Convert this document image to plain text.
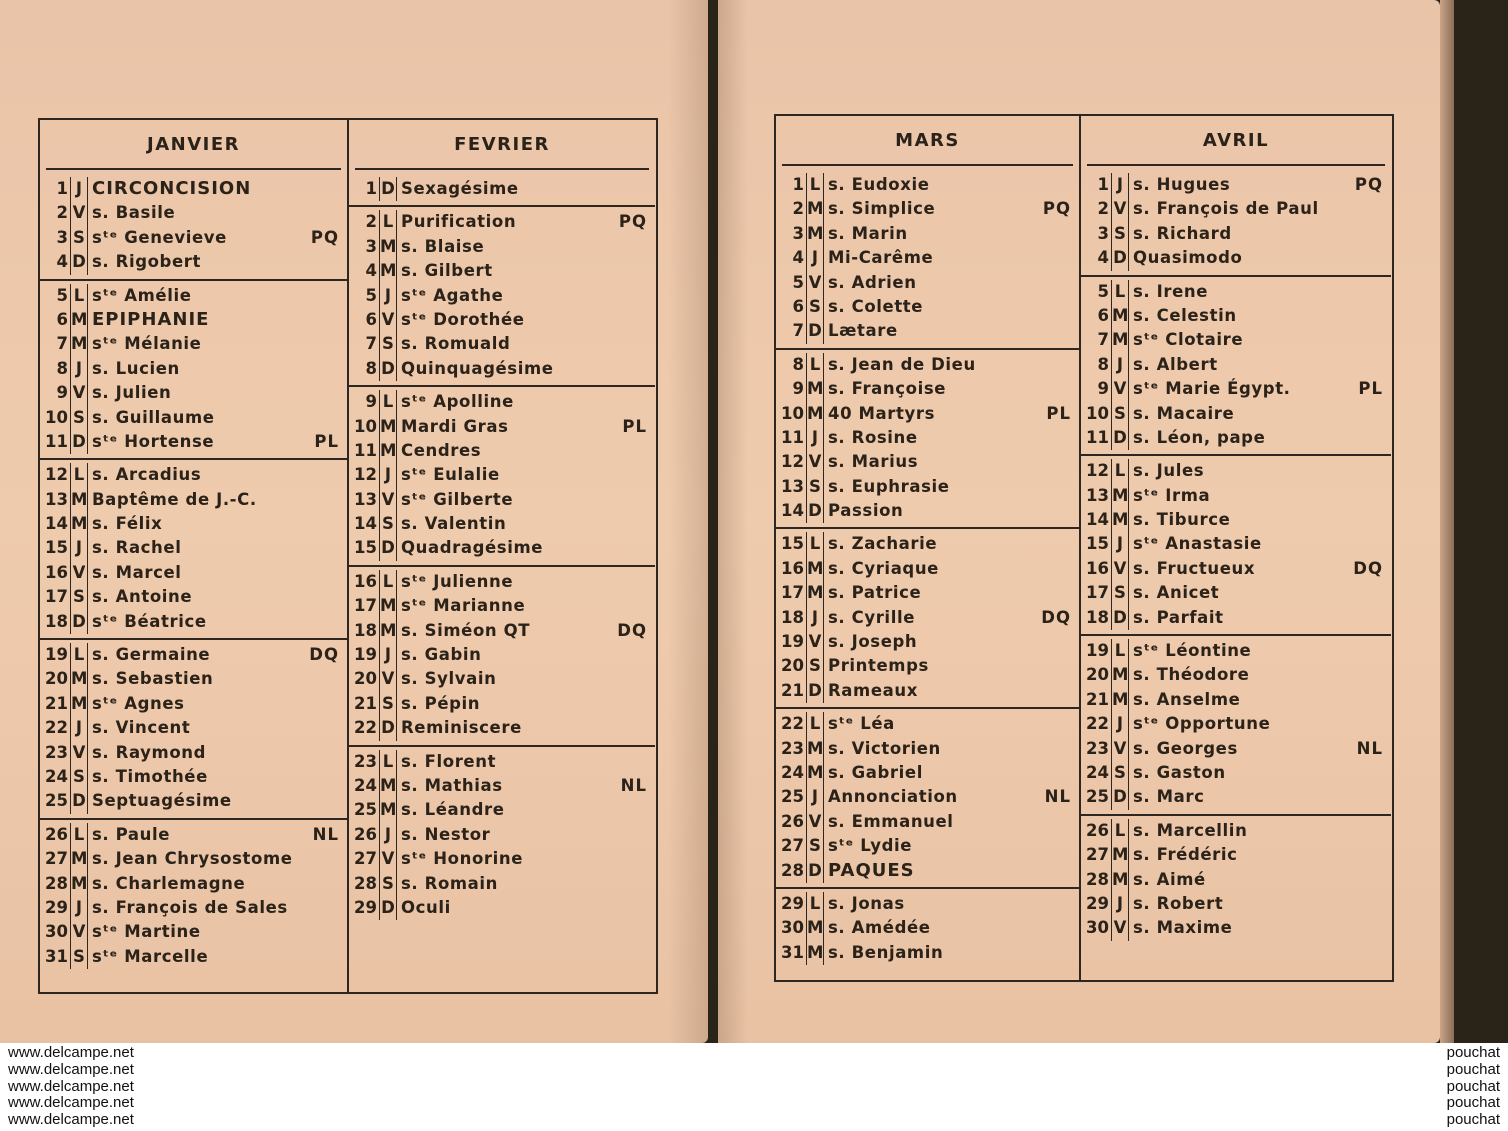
JANVIER
1 J CIRCONCISION
2 V s. Basile
3 S sᵗᵉ Genevieve	PQ
4 D s. Rigobert
5 L sᵗᵉ Amélie
6 M EPIPHANIE
7 M sᵗᵉ Mélanie
8 J s. Lucien
9 V s. Julien
10 S s. Guillaume
11 D sᵗᵉ Hortense	PL
12 L s. Arcadius
13 M Baptême de J.-C.
14 M s. Félix
15 J s. Rachel
16 V s. Marcel
17 S s. Antoine
18 D sᵗᵉ Béatrice
19 L s. Germaine	DQ
20 M s. Sebastien
21 M sᵗᵉ Agnes
22 J s. Vincent
23 V s. Raymond
24 S s. Timothée
25 D Septuagésime
26 L s. Paule	NL
27 M s. Jean Chrysostome
28 M s. Charlemagne
29 J s. François de Sales
30 V sᵗᵉ Martine
31 S sᵗᵉ Marcelle
FEVRIER
1 D Sexagésime
2 L Purification	PQ
3 M s. Blaise
4 M s. Gilbert
5 J sᵗᵉ Agathe
6 V sᵗᵉ Dorothée
7 S s. Romuald
8 D Quinquagésime
9 L sᵗᵉ Apolline
10 M Mardi Gras	PL
11 M Cendres
12 J sᵗᵉ Eulalie
13 V sᵗᵉ Gilberte
14 S s. Valentin
15 D Quadragésime
16 L sᵗᵉ Julienne
17 M sᵗᵉ Marianne
18 M s. Siméon QT	DQ
19 J s. Gabin
20 V s. Sylvain
21 S s. Pépin
22 D Reminiscere
23 L s. Florent
24 M s. Mathias	NL
25 M s. Léandre
26 J s. Nestor
27 V sᵗᵉ Honorine
28 S s. Romain
29 D Oculi
MARS
1 L s. Eudoxie
2 M s. Simplice	PQ
3 M s. Marin
4 J Mi-Carême
5 V s. Adrien
6 S s. Colette
7 D Lætare
8 L s. Jean de Dieu
9 M s. Françoise
10 M 40 Martyrs	PL
11 J s. Rosine
12 V s. Marius
13 S s. Euphrasie
14 D Passion
15 L s. Zacharie
16 M s. Cyriaque
17 M s. Patrice
18 J s. Cyrille	DQ
19 V s. Joseph
20 S Printemps
21 D Rameaux
22 L sᵗᵉ Léa
23 M s. Victorien
24 M s. Gabriel
25 J Annonciation	NL
26 V s. Emmanuel
27 S sᵗᵉ Lydie
28 D PAQUES
29 L s. Jonas
30 M s. Amédée
31 M s. Benjamin
AVRIL
1 J s. Hugues	PQ
2 V s. François de Paul
3 S s. Richard
4 D Quasimodo
5 L s. Irene
6 M s. Celestin
7 M sᵗᵉ Clotaire
8 J s. Albert
9 V sᵗᵉ Marie Égypt.	PL
10 S s. Macaire
11 D s. Léon, pape
12 L s. Jules
13 M sᵗᵉ Irma
14 M s. Tiburce
15 J sᵗᵉ Anastasie
16 V s. Fructueux	DQ
17 S s. Anicet
18 D s. Parfait
19 L sᵗᵉ Léontine
20 M s. Théodore
21 M s. Anselme
22 J sᵗᵉ Opportune
23 V s. Georges	NL
24 S s. Gaston
25 D s. Marc
26 L s. Marcellin
27 M s. Frédéric
28 M s. Aimé
29 J s. Robert
30 V s. Maxime
www.delcampe.net
www.delcampe.net
www.delcampe.net
www.delcampe.net
www.delcampe.net
pouchat
pouchat
pouchat
pouchat
pouchat
